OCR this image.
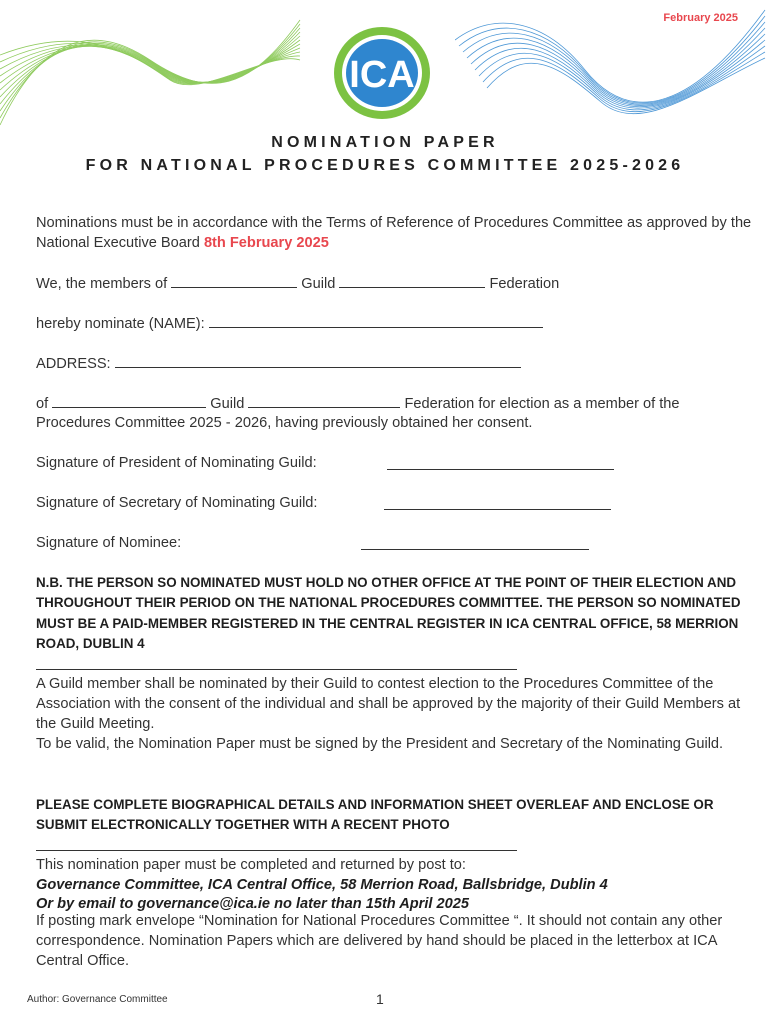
February 2025
ICA
NOMINATION PAPER
FOR NATIONAL PROCEDURES COMMITTEE 2025-2026
Nominations must be in accordance with the Terms of Reference of Procedures Committee as approved by the National Executive Board 8th February 2025
We, the members of	Guild	Federation
hereby nominate (NAME):
ADDRESS:
of	Guild	Federation for election as a member of the
Procedures Committee 2025 - 2026, having previously obtained her consent.
Signature of President of Nominating Guild:
Signature of Secretary of Nominating Guild:
Signature of Nominee:
N.B. THE PERSON SO NOMINATED MUST HOLD NO OTHER OFFICE AT THE POINT OF THEIR ELECTION AND THROUGHOUT THEIR PERIOD ON THE NATIONAL PROCEDURES COMMITTEE. THE PERSON SO NOMINATED MUST BE A PAID-MEMBER REGISTERED IN THE CENTRAL REGISTER IN ICA CENTRAL OFFICE, 58 MERRION ROAD, DUBLIN 4
A Guild member shall be nominated by their Guild to contest election to the Procedures Committee of the Association with the consent of the individual and shall be approved by the majority of their Guild Members at the Guild Meeting.
To be valid, the Nomination Paper must be signed by the President and Secretary of the Nominating Guild.
PLEASE COMPLETE BIOGRAPHICAL DETAILS AND INFORMATION SHEET OVERLEAF AND ENCLOSE OR SUBMIT ELECTRONICALLY TOGETHER WITH A RECENT PHOTO
This nomination paper must be completed and returned by post to:
Governance Committee, ICA Central Office, 58 Merrion Road, Ballsbridge, Dublin 4
Or by email to governance@ica.ie no later than 15th April 2025
If posting mark envelope “Nomination for National Procedures Committee “. It should not contain any other correspondence. Nomination Papers which are delivered by hand should be placed in the letterbox at ICA Central Office.
Author: Governance Committee	1
